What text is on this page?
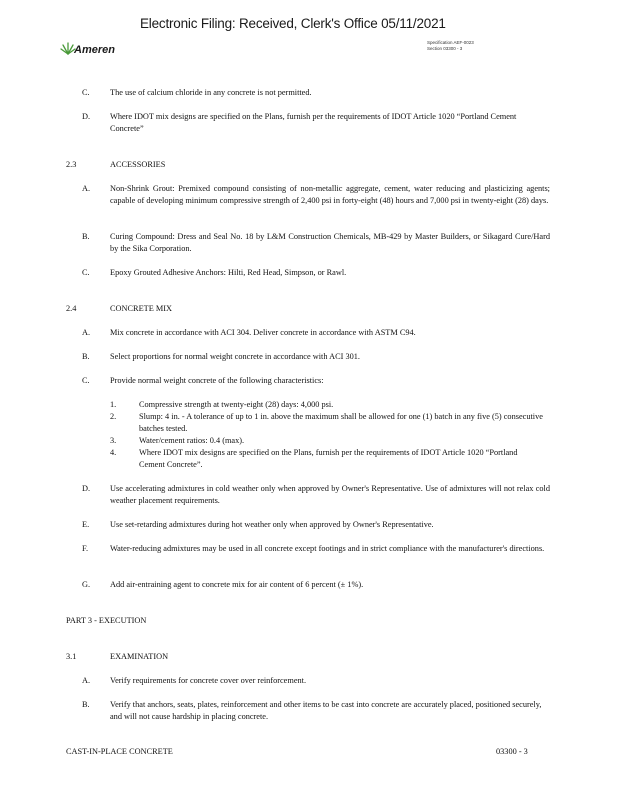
Electronic Filing: Received, Clerk's Office 05/11/2021
Ameren
Specification AEF-0023
Section 03300 - 3
C. The use of calcium chloride in any concrete is not permitted.
D. Where IDOT mix designs are specified on the Plans, furnish per the requirements of IDOT Article 1020 “Portland Cement Concrete”
2.3	ACCESSORIES
A. Non-Shrink Grout: Premixed compound consisting of non-metallic aggregate, cement, water reducing and plasticizing agents; capable of developing minimum compressive strength of 2,400 psi in forty-eight (48) hours and 7,000 psi in twenty-eight (28) days.
B. Curing Compound: Dress and Seal No. 18 by L&M Construction Chemicals, MB-429 by Master Builders, or Sikagard Cure/Hard by the Sika Corporation.
C. Epoxy Grouted Adhesive Anchors: Hilti, Red Head, Simpson, or Rawl.
2.4	CONCRETE MIX
A. Mix concrete in accordance with ACI 304. Deliver concrete in accordance with ASTM C94.
B. Select proportions for normal weight concrete in accordance with ACI 301.
C. Provide normal weight concrete of the following characteristics:
1.	Compressive strength at twenty-eight (28) days: 4,000 psi.
2.	Slump: 4 in. - A tolerance of up to 1 in. above the maximum shall be allowed for one (1) batch in any five (5) consecutive batches tested.
3.	Water/cement ratios: 0.4 (max).
4.	Where IDOT mix designs are specified on the Plans, furnish per the requirements of IDOT Article 1020 “Portland Cement Concrete”.
D. Use accelerating admixtures in cold weather only when approved by Owner's Representative. Use of admixtures will not relax cold weather placement requirements.
E.	Use set-retarding admixtures during hot weather only when approved by Owner's Representative.
F.	Water-reducing admixtures may be used in all concrete except footings and in strict compliance with the manufacturer's directions.
G. Add air-entraining agent to concrete mix for air content of 6 percent (± 1%).
PART 3 - EXECUTION
3.1	EXAMINATION
A. Verify requirements for concrete cover over reinforcement.
B. Verify that anchors, seats, plates, reinforcement and other items to be cast into concrete are accurately placed, positioned securely, and will not cause hardship in placing concrete.
CAST-IN-PLACE CONCRETE	03300 - 3
